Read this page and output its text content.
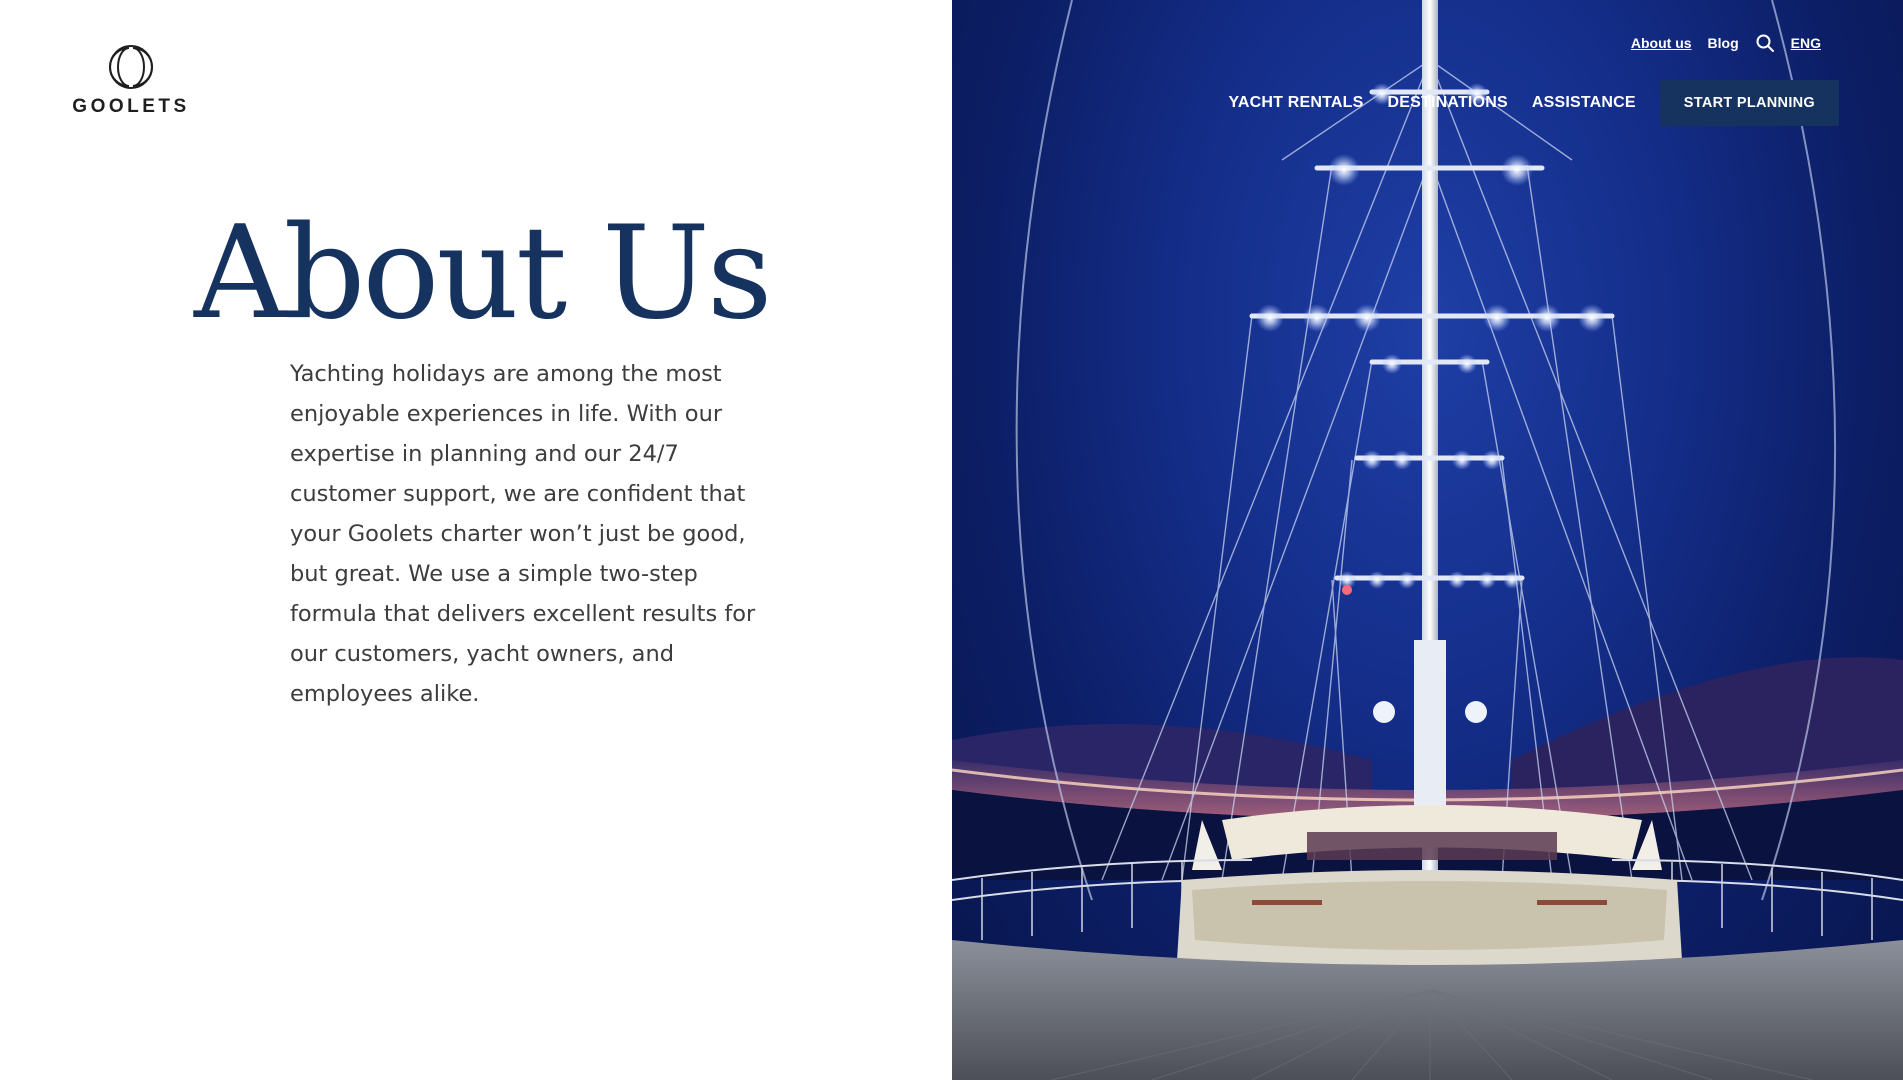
GOOLETS
About Us

Yachting holidays are among the most enjoyable experiences in life. With our expertise in planning and our 24/7 customer support, we are confident that your Goolets charter won’t just be good, but great. We use a simple two-step formula that delivers excellent results for our customers, yacht owners, and employees alike.

About us Blog	ENG
YACHT RENTALS DESTINATIONS ASSISTANCE	START PLANNING
